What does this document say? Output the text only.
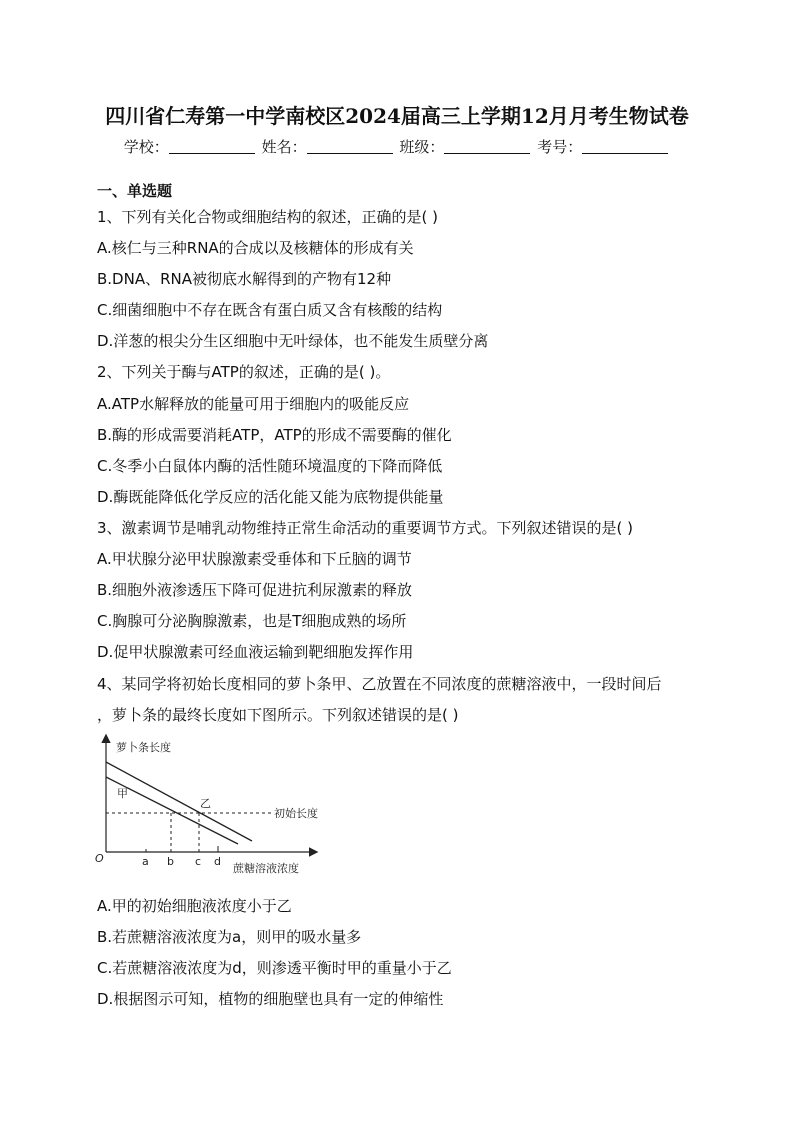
四川省仁寿第一中学南校区2024届高三上学期12月月考生物试卷
学校：	姓名：	班级：	考号：
一、单选题
1、下列有关化合物或细胞结构的叙述，正确的是( )
A.核仁与三种RNA的合成以及核糖体的形成有关
B.DNA、RNA被彻底水解得到的产物有12种
C.细菌细胞中不存在既含有蛋白质又含有核酸的结构
D.洋葱的根尖分生区细胞中无叶绿体，也不能发生质壁分离
2、下列关于酶与ATP的叙述，正确的是( )。
A.ATP水解释放的能量可用于细胞内的吸能反应
B.酶的形成需要消耗ATP，ATP的形成不需要酶的催化
C.冬季小白鼠体内酶的活性随环境温度的下降而降低
D.酶既能降低化学反应的活化能又能为底物提供能量
3、激素调节是哺乳动物维持正常生命活动的重要调节方式。下列叙述错误的是( )
A.甲状腺分泌甲状腺激素受垂体和下丘脑的调节
B.细胞外液渗透压下降可促进抗利尿激素的释放
C.胸腺可分泌胸腺激素，也是T细胞成熟的场所
D.促甲状腺激素可经血液运输到靶细胞发挥作用
4、某同学将初始长度相同的萝卜条甲、乙放置在不同浓度的蔗糖溶液中，一段时间后
，萝卜条的最终长度如下图所示。下列叙述错误的是( )
萝卜条长度
蔗糖溶液浓度
O
初始长度
甲
乙
a b c d
A.甲的初始细胞液浓度小于乙
B.若蔗糖溶液浓度为a，则甲的吸水量多
C.若蔗糖溶液浓度为d，则渗透平衡时甲的重量小于乙
D.根据图示可知，植物的细胞壁也具有一定的伸缩性
